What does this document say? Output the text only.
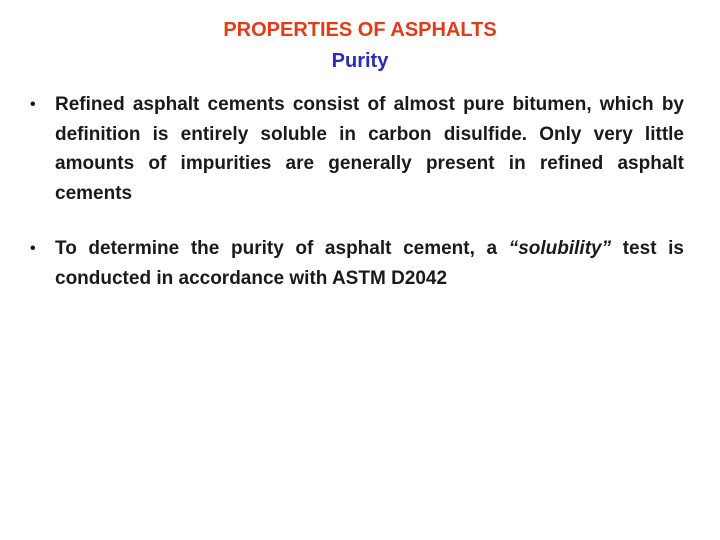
PROPERTIES OF ASPHALTS
Purity
• Refined asphalt cements consist of almost pure bitumen, which by definition is entirely soluble in carbon disulfide. Only very little amounts of impurities are generally present in refined asphalt cements
• To determine the purity of asphalt cement, a “solubility” test is conducted in accordance with ASTM D2042
